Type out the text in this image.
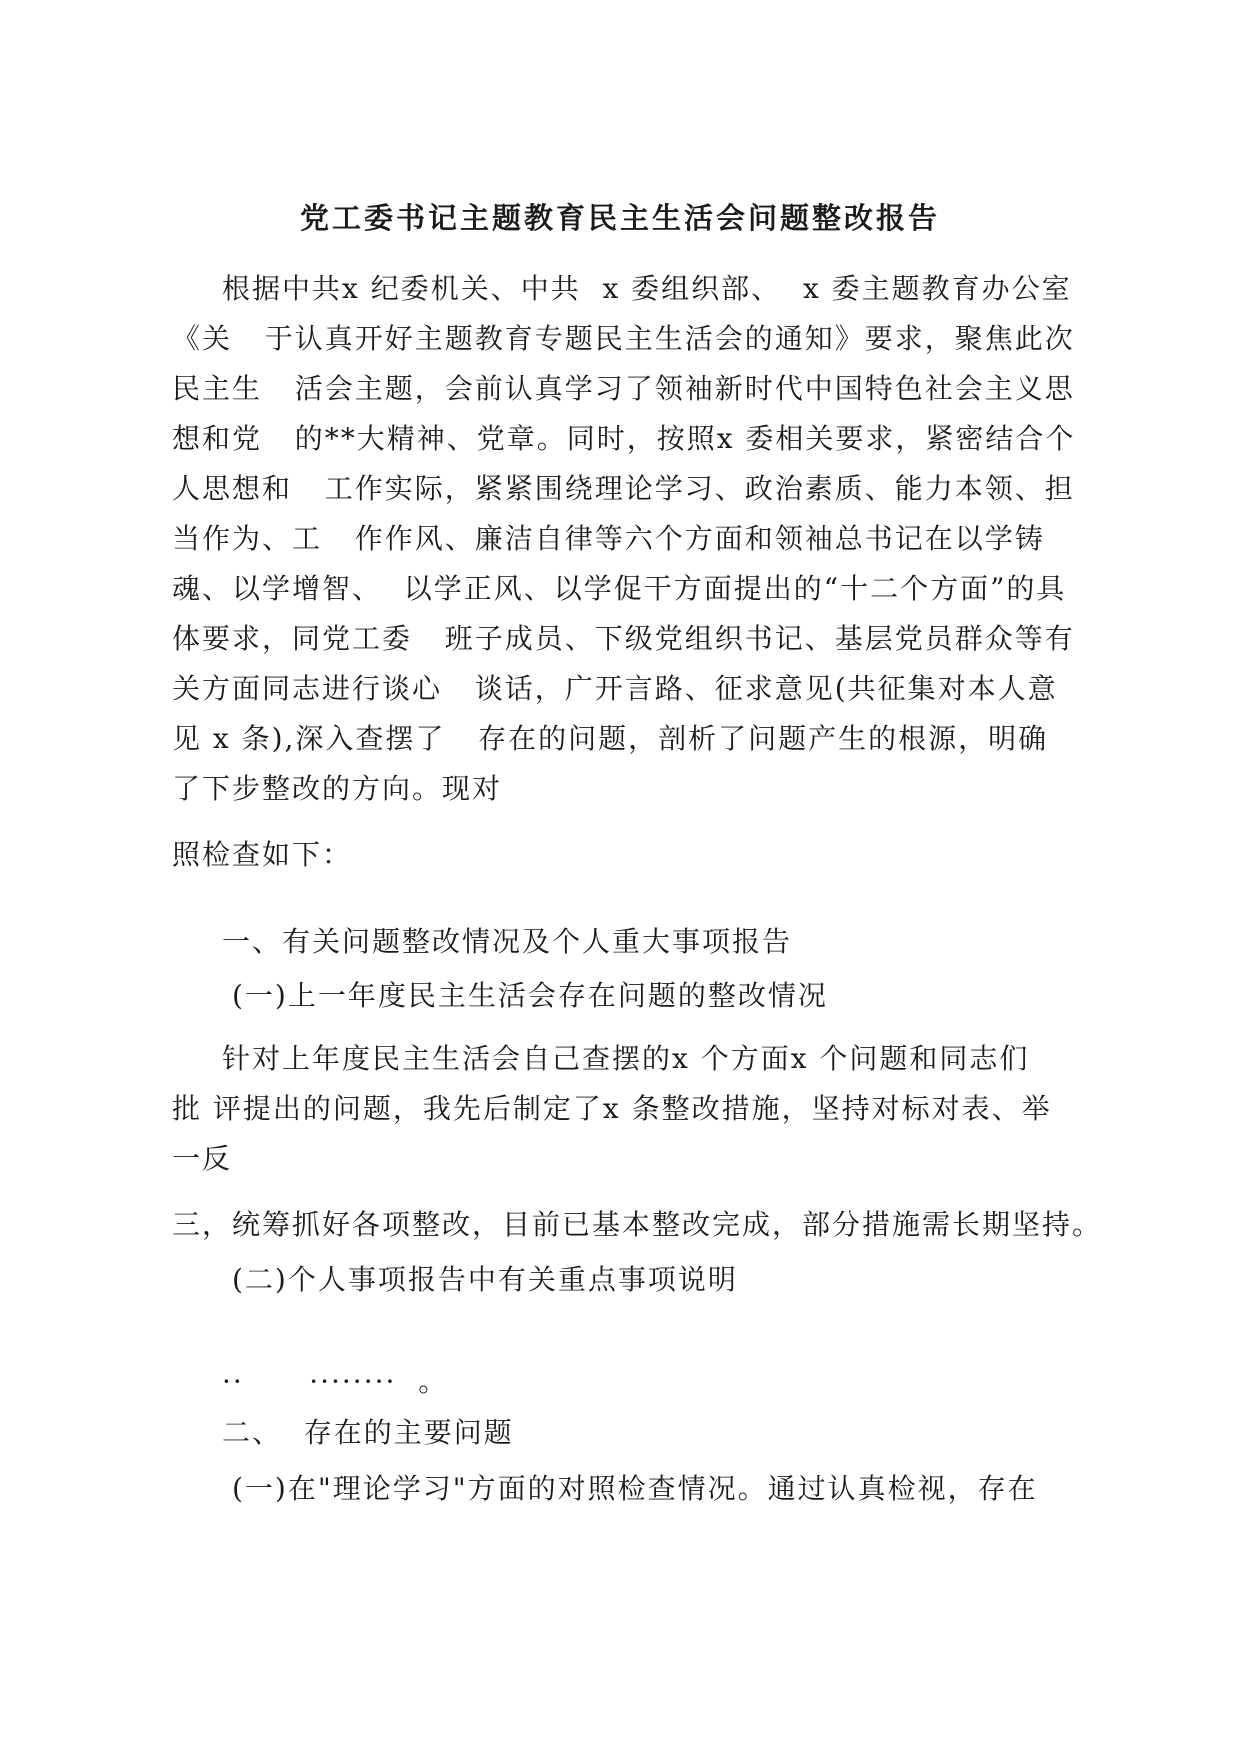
党工委书记主题教育民主生活会问题整改报告
根据中共x 纪委机关、中共  x 委组织部、  x 委主题教育办公室
《关   于认真开好主题教育专题民主生活会的通知》要求，聚焦此次
民主生   活会主题，会前认真学习了领袖新时代中国特色社会主义思
想和党   的**大精神、党章。同时，按照x 委相关要求，紧密结合个
人思想和   工作实际，紧紧围绕理论学习、政治素质、能力本领、担
当作为、工   作作风、廉洁自律等六个方面和领袖总书记在以学铸
魂、以学增智、  以学正风、以学促干方面提出的“十二个方面”的具
体要求，同党工委   班子成员、下级党组织书记、基层党员群众等有
关方面同志进行谈心   谈话，广开言路、征求意见(共征集对本人意
见 x 条),深入查摆了   存在的问题，剖析了问题产生的根源，明确
了下步整改的方向。现对
照检查如下：
一、有关问题整改情况及个人重大事项报告
(一)上一年度民主生活会存在问题的整改情况
针对上年度民主生活会自己查摆的x 个方面x 个问题和同志们
批 评提出的问题，我先后制定了x 条整改措施，坚持对标对表、举
一反
三，统筹抓好各项整改，目前已基本整改完成，部分措施需长期坚持。
(二)个人事项报告中有关重点事项说明
··      ········  。
二、  存在的主要问题
(一)在"理论学习"方面的对照检查情况。通过认真检视，存在
